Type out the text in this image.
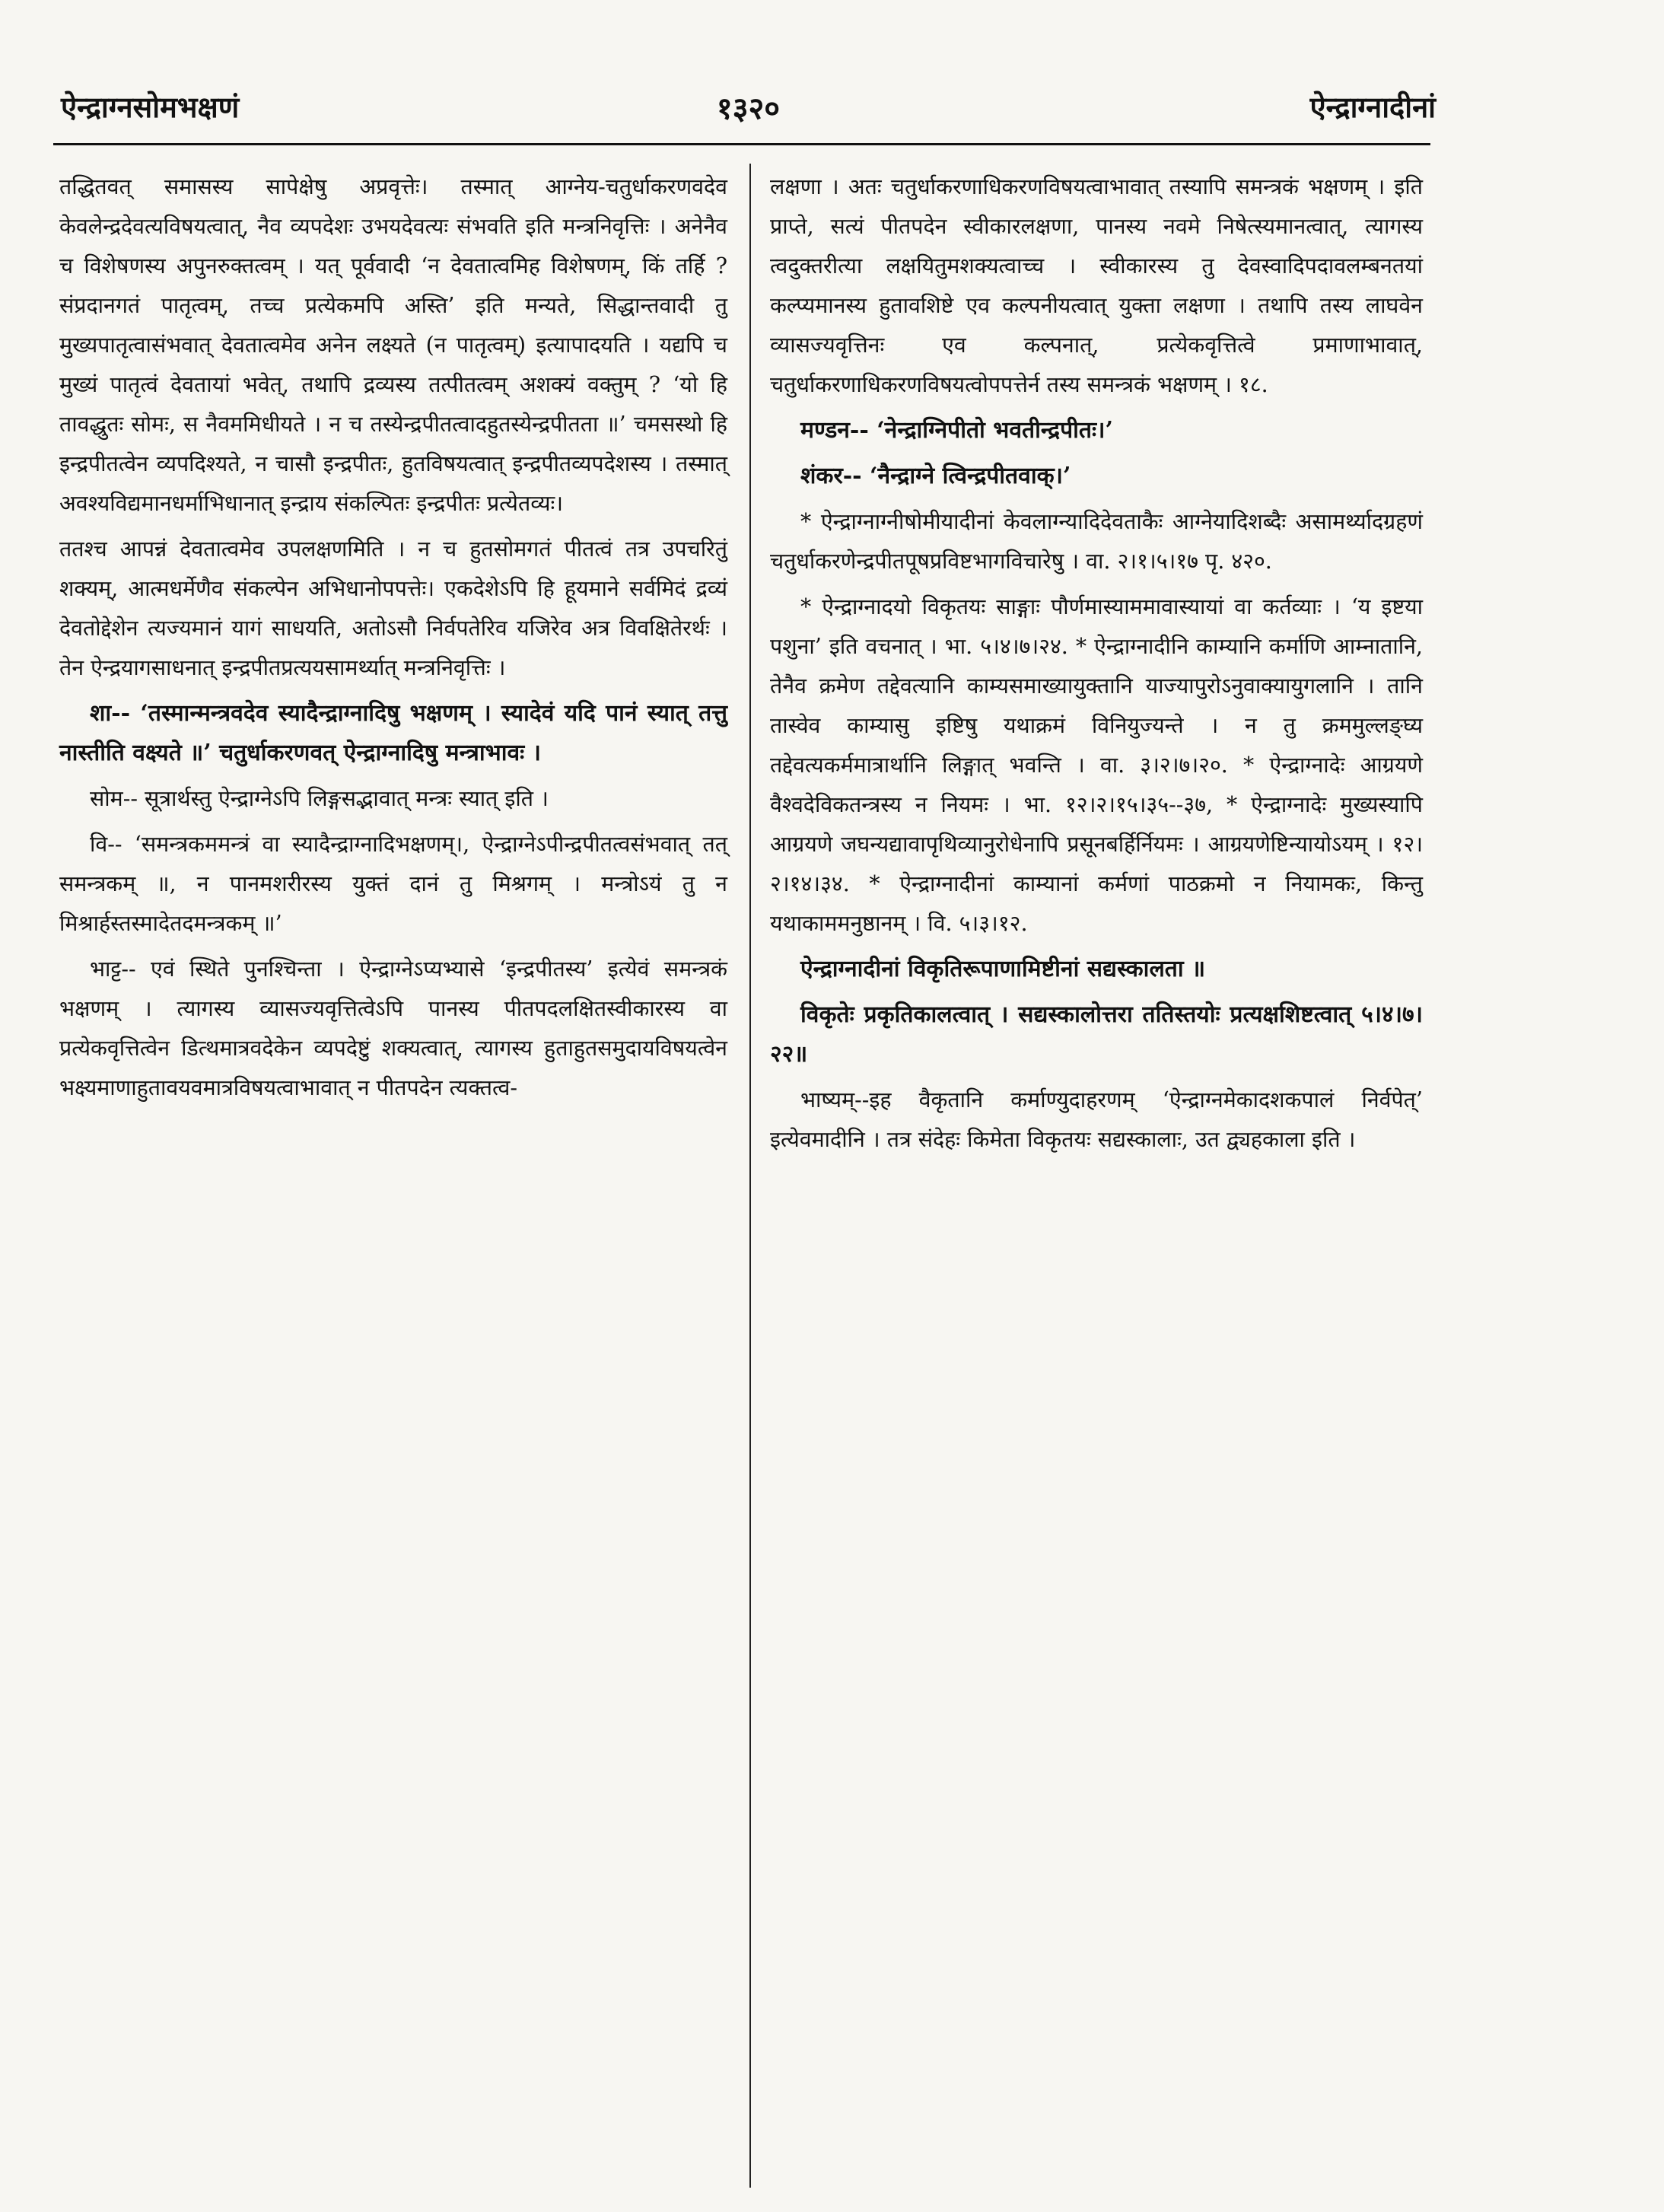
ऐन्द्राग्नसोमभक्षणं	१३२०	ऐन्द्राग्नादीनां

तद्धितवत् समासस्य सापेक्षेषु अप्रवृत्तेः। तस्मात् आग्नेय-चतुर्धाकरणवदेव केवलेन्द्रदेवत्यविषयत्वात्, नैव व्यपदेशः उभयदेवत्यः संभवति इति मन्त्रनिवृत्तिः । अनेनैव च विशेषणस्य अपुनरुक्तत्वम् । यत् पूर्ववादी ‘न देवतात्वमिह विशेषणम्, किं तर्हि ? संप्रदानगतं पातृत्वम्, तच्च प्रत्येकमपि अस्ति’ इति मन्यते, सिद्धान्तवादी तु मुख्यपातृत्वासंभवात् देवतात्वमेव अनेन लक्ष्यते (न पातृत्वम्) इत्यापादयति । यद्यपि च मुख्यं पातृत्वं देवतायां भवेत्, तथापि द्रव्यस्य तत्पीतत्वम् अशक्यं वक्तुम् ? ‘यो हि तावद्धुतः सोमः, स नैवममिधीयते । न च तस्येन्द्रपीतत्वादहुतस्येन्द्रपीतता ॥’ चमसस्थो हि इन्द्रपीतत्वेन व्यपदिश्यते, न चासौ इन्द्रपीतः, हुतविषयत्वात् इन्द्रपीतव्यपदेशस्य । तस्मात् अवश्यविद्यमानधर्माभिधानात् इन्द्राय संकल्पितः इन्द्रपीतः प्रत्येतव्यः।

ततश्च आपन्नं देवतात्वमेव उपलक्षणमिति । न च हुतसोमगतं पीतत्वं तत्र उपचरितुं शक्यम्, आत्मधर्मेणैव संकल्पेन अभिधानोपपत्तेः। एकदेशेऽपि हि हूयमाने सर्वमिदं द्रव्यं देवतोद्देशेन त्यज्यमानं यागं साधयति, अतोऽसौ निर्वपतेरिव यजिरेव अत्र विवक्षितेरर्थः । तेन ऐन्द्रयागसाधनात् इन्द्रपीतप्रत्ययसामर्थ्यात् मन्त्रनिवृत्तिः ।

शा-- ‘तस्मान्मन्त्रवदेव स्यादैन्द्राग्नादिषु भक्षणम् । स्यादेवं यदि पानं स्यात् तत्तु नास्तीति वक्ष्यते ॥’ चतुर्धाकरणवत् ऐन्द्राग्नादिषु मन्त्राभावः ।

सोम-- सूत्रार्थस्तु ऐन्द्राग्नेऽपि लिङ्गसद्भावात् मन्त्रः स्यात् इति ।

वि-- ‘समन्त्रकममन्त्रं वा स्यादैन्द्राग्नादिभक्षणम्।, ऐन्द्राग्नेऽपीन्द्रपीतत्वसंभवात् तत् समन्त्रकम् ॥, न पानमशरीरस्य युक्तं दानं तु मिश्रगम् । मन्त्रोऽयं तु न मिश्रार्हस्तस्मादेतदमन्त्रकम् ॥’

भाट्ट-- एवं स्थिते पुनश्चिन्ता । ऐन्द्राग्नेऽप्यभ्यासे ‘इन्द्रपीतस्य’ इत्येवं समन्त्रकं भक्षणम् । त्यागस्य व्यासज्यवृत्तित्वेऽपि पानस्य पीतपदलक्षितस्वीकारस्य वा प्रत्येकवृत्तित्वेन डित्थमात्रवदेकेन व्यपदेष्टुं शक्यत्वात्, त्यागस्य हुताहुतसमुदायविषयत्वेन भक्ष्यमाणाहुतावयवमात्रविषयत्वाभावात् न पीतपदेन त्यक्तत्व-

लक्षणा । अतः चतुर्धाकरणाधिकरणविषयत्वाभावात् तस्यापि समन्त्रकं भक्षणम् । इति प्राप्ते, सत्यं पीतपदेन स्वीकारलक्षणा, पानस्य नवमे निषेत्स्यमानत्वात्, त्यागस्य त्वदुक्तरीत्या लक्षयितुमशक्यत्वाच्च । स्वीकारस्य तु देवस्वादिपदावलम्बनतयां कल्प्यमानस्य हुतावशिष्टे एव कल्पनीयत्वात् युक्ता लक्षणा । तथापि तस्य लाघवेन व्यासज्यवृत्तिनः एव कल्पनात्, प्रत्येकवृत्तित्वे प्रमाणाभावात्, चतुर्धाकरणाधिकरणविषयत्वोपपत्तेर्न तस्य समन्त्रकं भक्षणम् । १८.

मण्डन-- ‘नेन्द्राग्निपीतो भवतीन्द्रपीतः।’

शंकर-- ‘नैन्द्राग्ने त्विन्द्रपीतवाक्।’

* ऐन्द्राग्नाग्नीषोमीयादीनां केवलाग्न्यादिदेवताकैः आग्नेयादिशब्दैः असामर्थ्यादग्रहणं चतुर्धाकरणेन्द्रपीतपूषप्रविष्टभागविचारेषु । वा. २।१।५।१७ पृ. ४२०.

* ऐन्द्राग्नादयो विकृतयः साङ्गाः पौर्णमास्याममावास्यायां वा कर्तव्याः । ‘य इष्टया पशुना’ इति वचनात् । भा. ५।४।७।२४. * ऐन्द्राग्नादीनि काम्यानि कर्माणि आम्नातानि, तेनैव क्रमेण तद्देवत्यानि काम्यसमाख्यायुक्तानि याज्यापुरोऽनुवाक्यायुगलानि । तानि तास्वेव काम्यासु इष्टिषु यथाक्रमं विनियुज्यन्ते । न तु क्रममुल्लङ्घ्य तद्देवत्यकर्ममात्रार्थानि लिङ्गात् भवन्ति । वा. ३।२।७।२०. * ऐन्द्राग्नादेः आग्रयणे वैश्वदेविकतन्त्रस्य न नियमः । भा. १२।२।१५।३५--३७, * ऐन्द्राग्नादेः मुख्यस्यापि आग्रयणे जघन्यद्यावापृथिव्यानुरोधेनापि प्रसूनबर्हिर्नियमः । आग्रयणेष्टिन्यायोऽयम् । १२।२।१४।३४. * ऐन्द्राग्नादीनां काम्यानां कर्मणां पाठक्रमो न नियामकः, किन्तु यथाकाममनुष्ठानम् । वि. ५।३।१२.

ऐन्द्राग्नादीनां विकृतिरूपाणामिष्टीनां सद्यस्कालता ॥

विकृतेः प्रकृतिकालत्वात् । सद्यस्कालोत्तरा ततिस्तयोः प्रत्यक्षशिष्टत्वात् ५।४।७।२२॥

भाष्यम्--इह वैकृतानि कर्माण्युदाहरणम् ‘ऐन्द्राग्नमेकादशकपालं निर्वपेत्’ इत्येवमादीनि । तत्र संदेहः किमेता विकृतयः सद्यस्कालाः, उत द्व्यहकाला इति ।
